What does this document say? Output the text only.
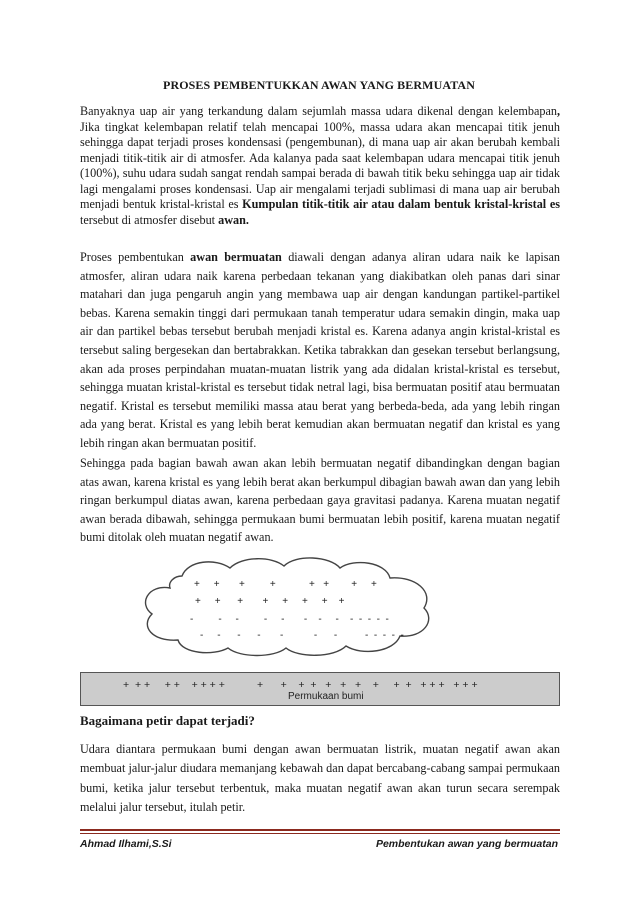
PROSES PEMBENTUKKAN AWAN YANG BERMUATAN

Banyaknya uap air yang terkandung dalam sejumlah massa udara dikenal dengan kelembapan, Jika tingkat kelembapan relatif telah mencapai 100%, massa udara akan mencapai titik jenuh sehingga dapat terjadi proses kondensasi (pengembunan), di mana uap air akan berubah kembali menjadi titik-titik air di atmosfer. Ada kalanya pada saat kelembapan udara mencapai titik jenuh (100%), suhu udara sudah sangat rendah sampai berada di bawah titik beku sehingga uap air tidak lagi mengalami proses kondensasi. Uap air mengalami terjadi sublimasi di mana uap air berubah menjadi bentuk kristal-kristal es Kumpulan titik-titik air atau dalam bentuk kristal-kristal es tersebut di atmosfer disebut awan.

Proses pembentukan awan bermuatan diawali dengan adanya aliran udara naik ke lapisan atmosfer, aliran udara naik karena perbedaan tekanan yang diakibatkan oleh panas dari sinar matahari dan juga pengaruh angin yang membawa uap air dengan kandungan partikel-partikel bebas. Karena semakin tinggi dari permukaan tanah temperatur udara semakin dingin, maka uap air dan partikel bebas tersebut berubah menjadi kristal es. Karena adanya angin kristal-kristal es tersebut saling bergesekan dan bertabrakkan. Ketika tabrakkan dan gesekan tersebut berlangsung, akan ada proses perpindahan muatan-muatan listrik yang ada didalan kristal-kristal es tersebut, sehingga muatan kristal-kristal es tersebut tidak netral lagi, bisa bermuatan positif atau bermuatan negatif. Kristal es tersebut memiliki massa atau berat yang berbeda-beda, ada yang lebih ringan ada yang berat. Kristal es yang lebih berat kemudian akan bermuatan negatif dan kristal es yang lebih ringan akan bermuatan positif.

Sehingga pada bagian bawah awan akan lebih bermuatan negatif dibandingkan dengan bagian atas awan, karena kristal es yang lebih berat akan berkumpul dibagian bawah awan dan yang lebih ringan berkumpul diatas awan, karena perbedaan gaya gravitasi padanya. Karena muatan negatif awan berada dibawah, sehingga permukaan bumi bermuatan lebih positif, karena muatan negatif bumi ditolak oleh muatan negatif awan.

+     +       +         +            +   +        +     +
+     +      +       +     +     +     +    +
-         -     -         -     -       -    -     -    -  -  -  -  -
-     -      -      -       -           -      -          -  -  -  -  -
+  + +     + +    + + + +           +      +    +  +   +   +   +    +     +  +   + + +   + + +
Permukaan bumi
Bagaimana petir dapat terjadi?

Udara diantara permukaan bumi dengan awan bermuatan listrik, muatan negatif awan akan membuat jalur-jalur diudara memanjang kebawah dan dapat bercabang-cabang sampai permukaan bumi, ketika jalur tersebut terbentuk, maka muatan negatif awan akan turun secara serempak melalui jalur tersebut, itulah petir.

Ahmad Ilhami,S.Si	Pembentukan awan yang bermuatan
